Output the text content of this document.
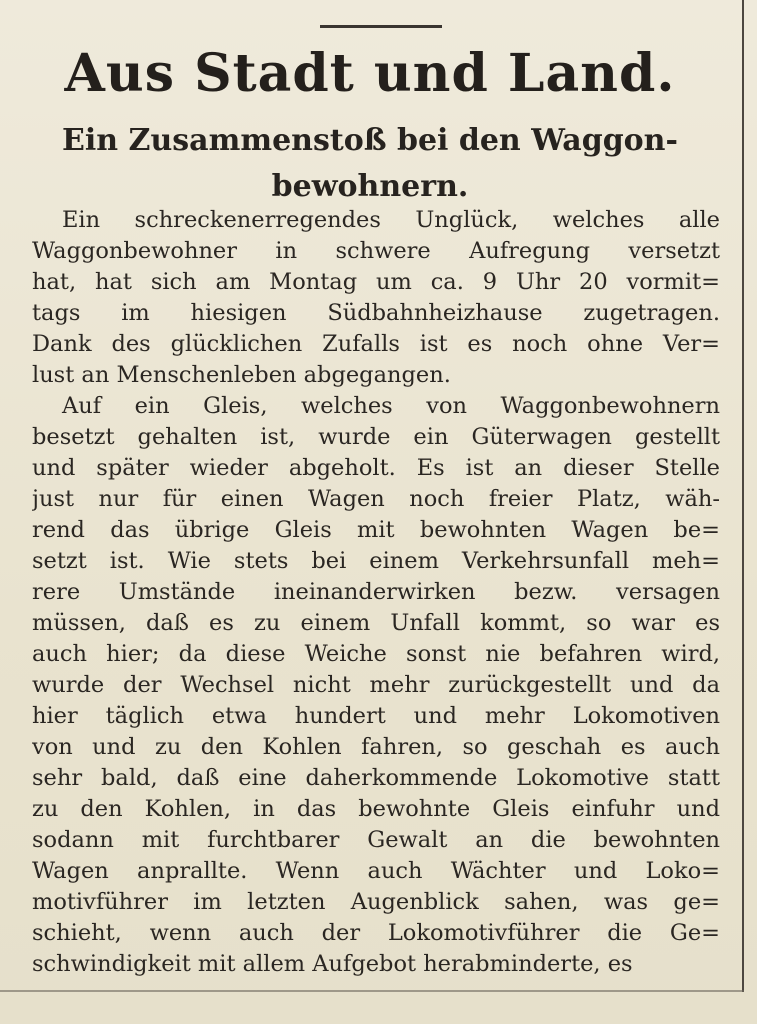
Aus Stadt und Land.
Ein Zusammenstoß bei den Waggon-
bewohnern.
Ein schreckenerregendes Unglück, welches alle
Waggonbewohner in schwere Aufregung versetzt
hat, hat sich am Montag um ca. 9 Uhr 20 vormit=
tags im hiesigen Südbahnheizhause zugetragen.
Dank des glücklichen Zufalls ist es noch ohne Ver=
lust an Menschenleben abgegangen.
Auf ein Gleis, welches von Waggonbewohnern
besetzt gehalten ist, wurde ein Güterwagen gestellt
und später wieder abgeholt. Es ist an dieser Stelle
just nur für einen Wagen noch freier Platz, wäh-
rend das übrige Gleis mit bewohnten Wagen be=
setzt ist. Wie stets bei einem Verkehrsunfall meh=
rere Umstände ineinanderwirken bezw. versagen
müssen, daß es zu einem Unfall kommt, so war es
auch hier; da diese Weiche sonst nie befahren wird,
wurde der Wechsel nicht mehr zurückgestellt und da
hier täglich etwa hundert und mehr Lokomotiven
von und zu den Kohlen fahren, so geschah es auch
sehr bald, daß eine daherkommende Lokomotive statt
zu den Kohlen, in das bewohnte Gleis einfuhr und
sodann mit furchtbarer Gewalt an die bewohnten
Wagen anprallte. Wenn auch Wächter und Loko=
motivführer im letzten Augenblick sahen, was ge=
schieht, wenn auch der Lokomotivführer die Ge=
schwindigkeit mit allem Aufgebot herabminderte, es
